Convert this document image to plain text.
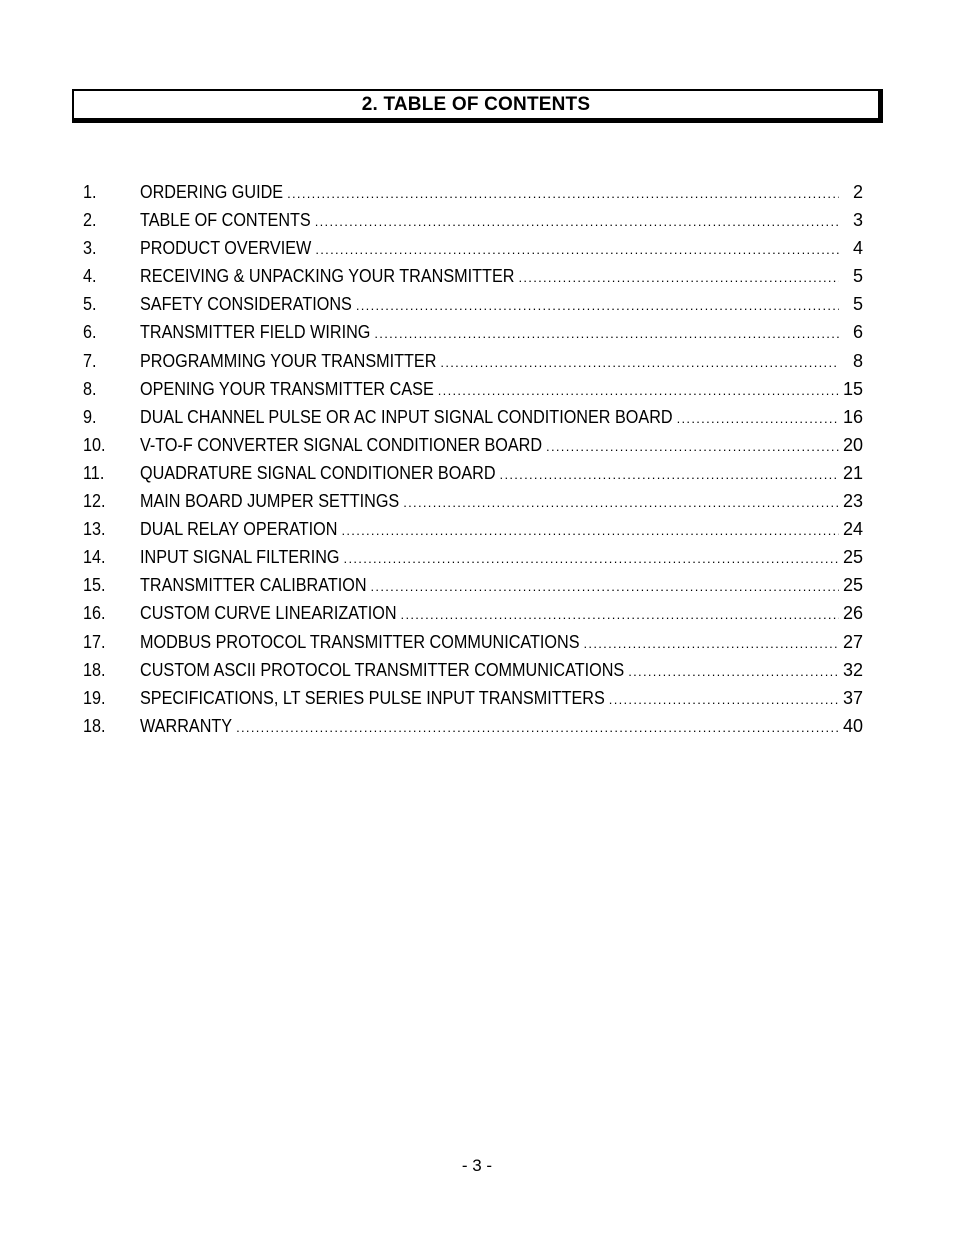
2. TABLE OF CONTENTS
1.	ORDERING GUIDE .....	2
2.	TABLE OF CONTENTS .....	3
3.	PRODUCT OVERVIEW .....	4
4.	RECEIVING & UNPACKING YOUR TRANSMITTER .....	5
5.	SAFETY CONSIDERATIONS .....	5
6.	TRANSMITTER FIELD WIRING .....	6
7.	PROGRAMMING YOUR TRANSMITTER .....	8
8.	OPENING YOUR TRANSMITTER CASE .....	15
9.	DUAL CHANNEL PULSE OR AC INPUT SIGNAL CONDITIONER BOARD .....	16
10.	V-TO-F CONVERTER SIGNAL CONDITIONER BOARD .....	20
11.	QUADRATURE SIGNAL CONDITIONER BOARD .....	21
12.	MAIN BOARD JUMPER SETTINGS .....	23
13.	DUAL RELAY OPERATION .....	24
14.	INPUT SIGNAL FILTERING .....	25
15.	TRANSMITTER CALIBRATION .....	25
16.	CUSTOM CURVE LINEARIZATION .....	26
17.	MODBUS PROTOCOL TRANSMITTER COMMUNICATIONS .....	27
18.	CUSTOM ASCII PROTOCOL TRANSMITTER COMMUNICATIONS .....	32
19.	SPECIFICATIONS, LT SERIES PULSE INPUT TRANSMITTERS .....	37
18.	WARRANTY .....	40
- 3 -
